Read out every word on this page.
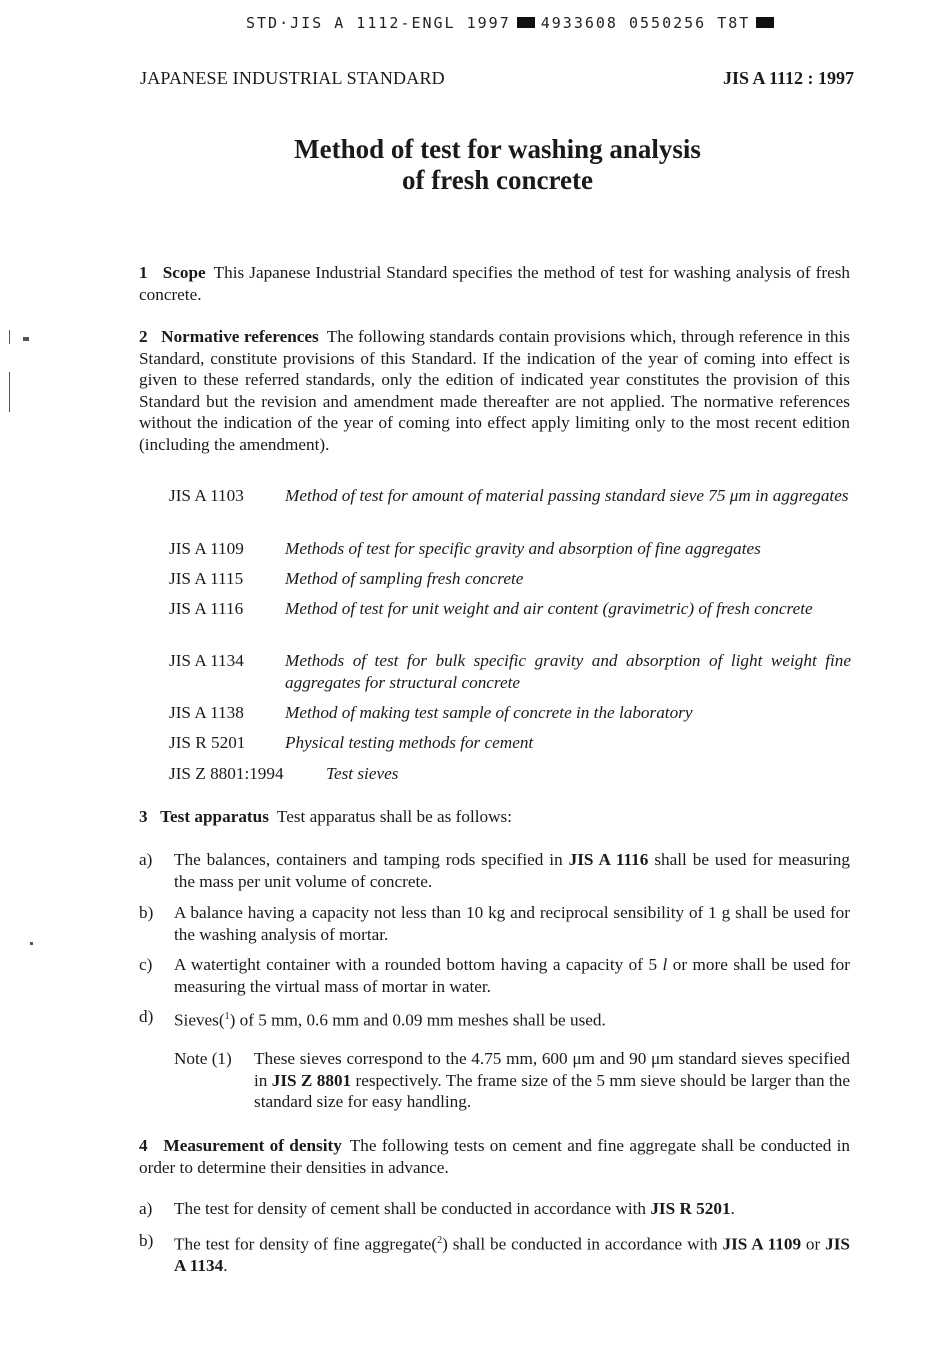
STD·JIS A 1112-ENGL 1997 4933608 0550256 T8T
JAPANESE INDUSTRIAL STANDARD	JIS A 1112 : 1997
Method of test for washing analysis
of fresh concrete
1   Scope This Japanese Industrial Standard specifies the method of test for washing analysis of fresh concrete.
2   Normative references The following standards contain provisions which, through reference in this Standard, constitute provisions of this Standard. If the indication of the year of coming into effect is given to these referred standards, only the edition of indicated year constitutes the provision of this Standard but the revision and amendment made thereafter are not applied. The normative references without the indication of the year of coming into effect apply limiting only to the most recent edition (including the amendment).
JIS A 1103 Method of test for amount of material passing standard sieve 75 μm in aggregates
JIS A 1109 Methods of test for specific gravity and absorption of fine aggregates
JIS A 1115 Method of sampling fresh concrete
JIS A 1116 Method of test for unit weight and air content (gravimetric) of fresh concrete
JIS A 1134 Methods of test for bulk specific gravity and absorption of light weight fine aggregates for structural concrete
JIS A 1138 Method of making test sample of concrete in the laboratory
JIS R 5201 Physical testing methods for cement
JIS Z 8801:1994 Test sieves
3   Test apparatus Test apparatus shall be as follows:
a) The balances, containers and tamping rods specified in JIS A 1116 shall be used for measuring the mass per unit volume of concrete.
b) A balance having a capacity not less than 10 kg and reciprocal sensibility of 1 g shall be used for the washing analysis of mortar.
c) A watertight container with a rounded bottom having a capacity of 5 l or more shall be used for measuring the virtual mass of mortar in water.
d) Sieves($^1$) of 5 mm, 0.6 mm and 0.09 mm meshes shall be used.
Note (1) These sieves correspond to the 4.75 mm, 600 μm and 90 μm standard sieves specified in JIS Z 8801 respectively. The frame size of the 5 mm sieve should be larger than the standard size for easy handling.
4   Measurement of density The following tests on cement and fine aggregate shall be conducted in order to determine their densities in advance.
a) The test for density of cement shall be conducted in accordance with JIS R 5201.
b) The test for density of fine aggregate($^2$) shall be conducted in accordance with JIS A 1109 or JIS A 1134.
